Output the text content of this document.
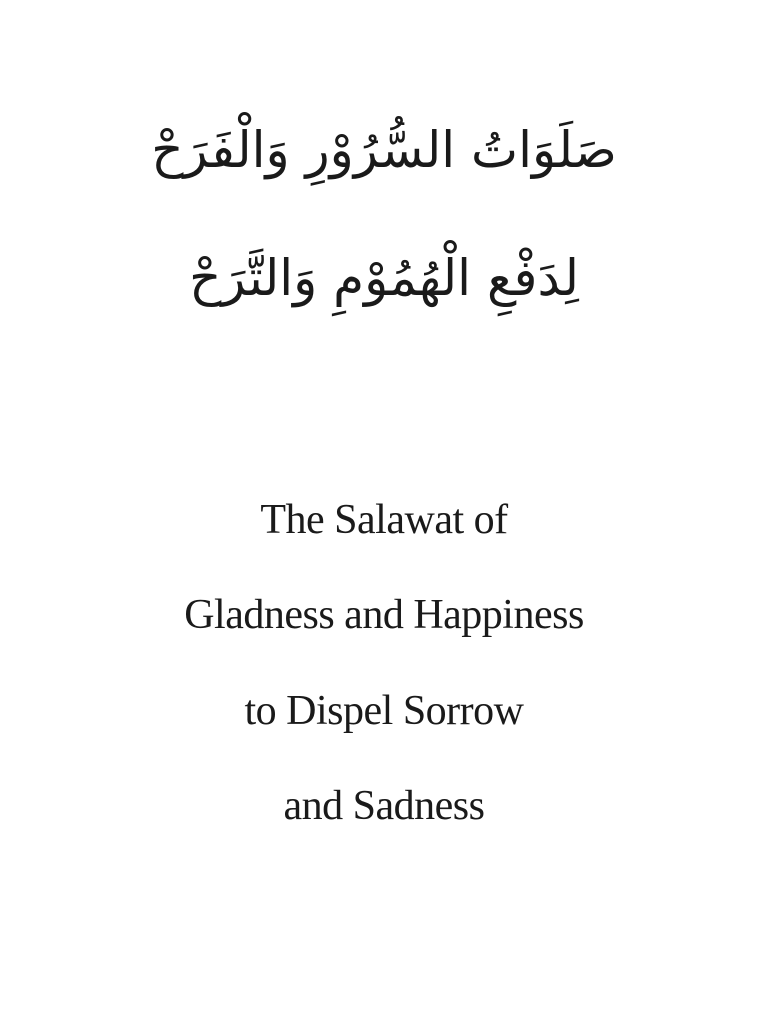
صَلَوَاتُ السُّرُوْرِ وَالْفَرَحْ
لِدَفْعِ الْهُمُوْمِ وَالتَّرَحْ
The Salawat of
Gladness and Happiness
to Dispel Sorrow
and Sadness
